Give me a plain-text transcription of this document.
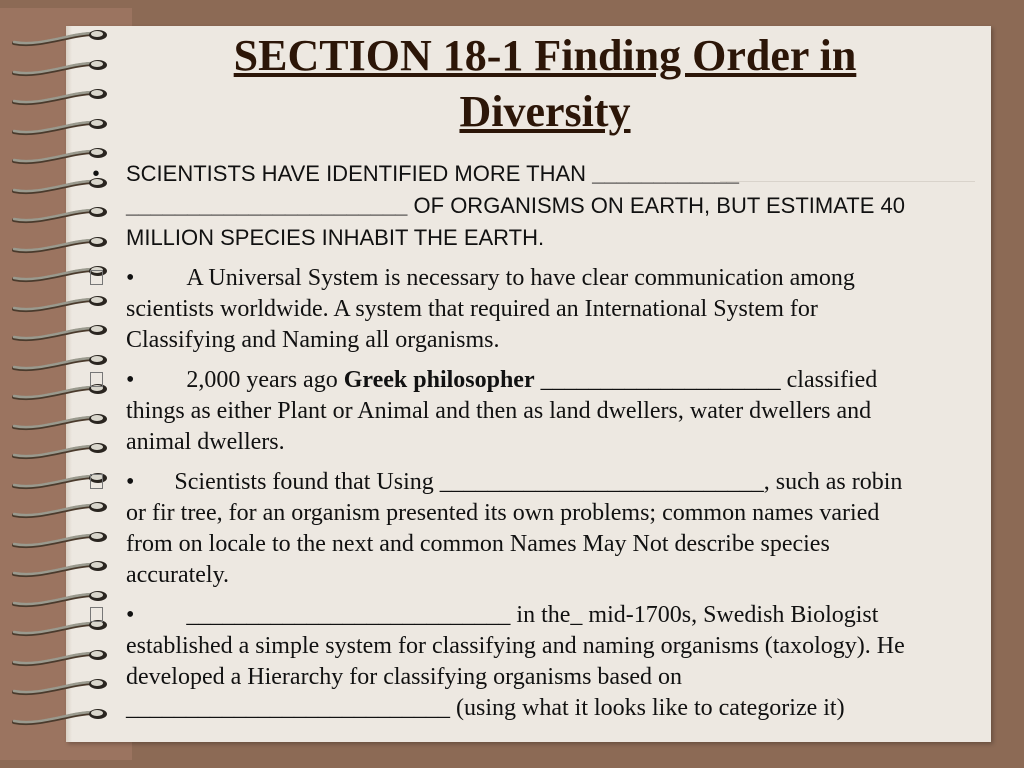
SECTION 18-1 Finding Order in
Diversity
•	SCIENTISTS HAVE IDENTIFIED MORE THAN ____________ _______________________ OF ORGANISMS ON EARTH, BUT ESTIMATE 40 MILLION SPECIES INHABIT THE EARTH.
• A Universal System is necessary to have clear communication among scientists worldwide. A system that required an International System for Classifying and Naming all organisms.
• 2,000 years ago Greek philosopher ____________________ classified things as either Plant or Animal and then as land dwellers, water dwellers and animal dwellers.
• Scientists found that Using ___________________________, such as robin or fir tree, for an organism presented its own problems; common names varied from on locale to the next and common Names May Not describe species accurately.
• ___________________________ in the_ mid-1700s, Swedish Biologist established a simple system for classifying and naming organisms (taxology). He developed a Hierarchy for classifying organisms based on ___________________________ (using what it looks like to categorize it)
